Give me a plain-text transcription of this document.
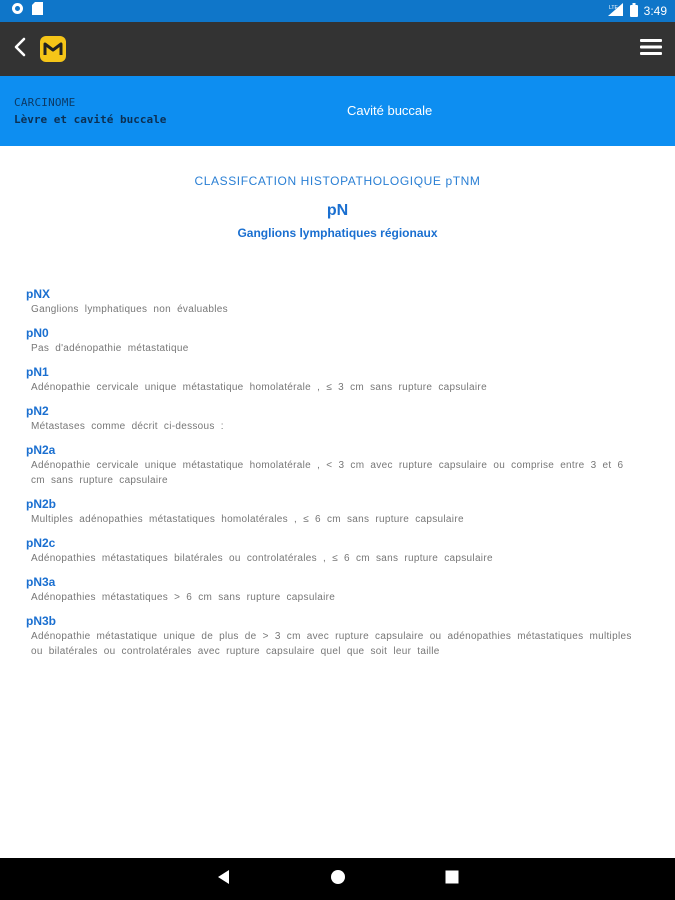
LTE 3:49
CARCINOME
Lèvre et cavité buccale
Cavité buccale
CLASSIFCATION HISTOPATHOLOGIQUE pTNM
pN
Ganglions lymphatiques régionaux
pNX
Ganglions lymphatiques non évaluables
pN0
Pas d'adénopathie métastatique
pN1
Adénopathie cervicale unique métastatique homolatérale , ≤ 3 cm sans rupture capsulaire
pN2
Métastases comme décrit ci-dessous :
pN2a
Adénopathie cervicale unique métastatique homolatérale , < 3 cm avec rupture capsulaire ou comprise entre 3 et 6 cm sans rupture capsulaire
pN2b
Multiples adénopathies métastatiques homolatérales , ≤ 6 cm sans rupture capsulaire
pN2c
Adénopathies métastatiques bilatérales ou controlatérales , ≤ 6 cm sans rupture capsulaire
pN3a
Adénopathies métastatiques > 6 cm sans rupture capsulaire
pN3b
Adénopathie métastatique unique de plus de > 3 cm avec rupture capsulaire ou adénopathies métastatiques multiples ou bilatérales ou controlatérales avec rupture capsulaire quel que soit leur taille
